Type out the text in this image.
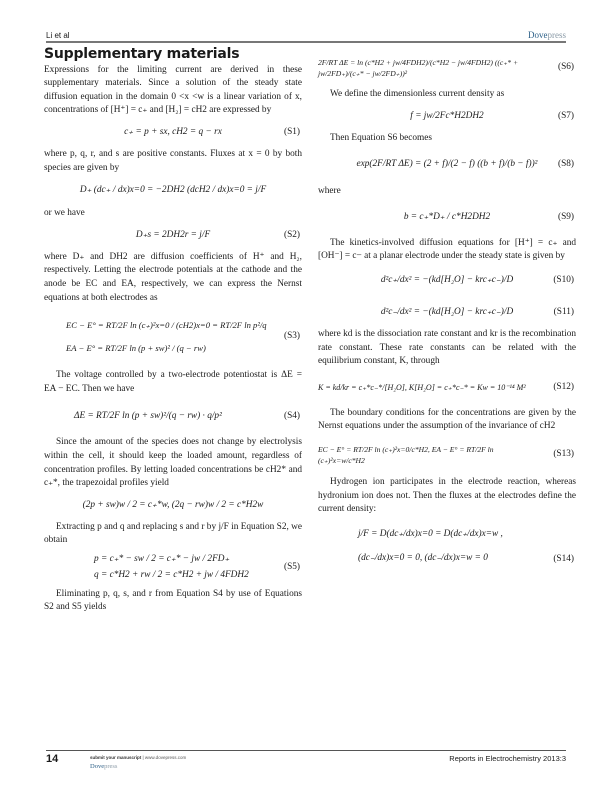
Li et al	Dovepress
Supplementary materials

Expressions for the limiting current are derived in these supplementary materials. Since a solution of the steady state diffusion equation in the domain 0 <x <w is a linear variation of x, concentrations of [H⁺] = c₊ and [H₂] = cH2 are expressed by

c₊ = p + sx, cH2 = q − rx	(S1)

where p, q, r, and s are positive constants. Fluxes at x = 0 by both species are given by

D₊ (dc₊ / dx)x=0 = −2DH2 (dcH2 / dx)x=0 = j/F

or we have

D₊s = 2DH2r = j/F	(S2)

where D₊ and DH2 are diffusion coefficients of H⁺ and H₂, respectively. Letting the electrode potentials at the cathode and the anode be EC and EA, respectively, we can express the Nernst equations at both electrodes as

EC − E° = RT/2F ln (c₊)²x=0 / (cH2)x=0 = RT/2F ln p²/q
EA − E° = RT/2F ln (p + sw)² / (q − rw)
(S3)

The voltage controlled by a two-electrode potentiostat is ΔE = EA − EC. Then we have

ΔE = RT/2F ln (p + sw)²/(q − rw) · q/p²	(S4)

Since the amount of the species does not change by electrolysis within the cell, it should keep the loaded amount, regardless of concentration profiles. By letting loaded concentrations be cH2* and c₊*, the trapezoidal profiles yield

(2p + sw)w / 2 = c₊*w, (2q − rw)w / 2 = c*H2w

Extracting p and q and replacing s and r by j/F in Equation S2, we obtain

p = c₊* − sw / 2 = c₊* − jw / 2FD₊
q = c*H2 + rw / 2 = c*H2 + jw / 4FDH2
(S5)

Eliminating p, q, s, and r from Equation S4 by use of Equations S2 and S5 yields

2F/RT ΔE = ln (c*H2 + jw/4FDH2)/(c*H2 − jw/4FDH2) ((c₊* + jw/2FD₊)/(c₊* − jw/2FD₊))²
(S6)

We define the dimensionless current density as

f = jw/2Fc*H2DH2	(S7)

Then Equation S6 becomes

exp(2F/RT ΔE) = (2 + f)/(2 − f) ((b + f)/(b − f))² (S8)

where

b = c₊*D₊ / c*H2DH2	(S9)

The kinetics-involved diffusion equations for [H⁺] = c₊ and [OH⁻] = c− at a planar electrode under the steady state is given by

d²c₊/dx² = −(kd[H₂O] − krc₊c₋)/D	(S10)
d²c₋/dx² = −(kd[H₂O] − krc₊c₋)/D	(S11)

where kd is the dissociation rate constant and kr is the recombination rate constant. These rate constants can be related with the equilibrium constant, K, through

K = kd/kr = c₊*c₋*/[H₂O], K[H₂O] = c₊*c₋* = Kw = 10⁻¹⁴ M²	(S12)

The boundary conditions for the concentrations are given by the Nernst equations under the assumption of the invariance of cH2

EC − E° = RT/2F ln (c₊)²x=0/c*H2, EA − E° = RT/2F ln (c₊)²x=w/c*H2
(S13)

Hydrogen ion participates in the electrode reaction, whereas hydronium ion does not. Then the fluxes at the electrodes define the current density:

j/F = D(dc₊/dx)x=0 = D(dc₊/dx)x=w ,
(dc₋/dx)x=0 = 0, (dc₋/dx)x=w = 0	(S14)
14	submit your manuscript | www.dovepress.com
Dovepress
Reports in Electrochemistry 2013:3
